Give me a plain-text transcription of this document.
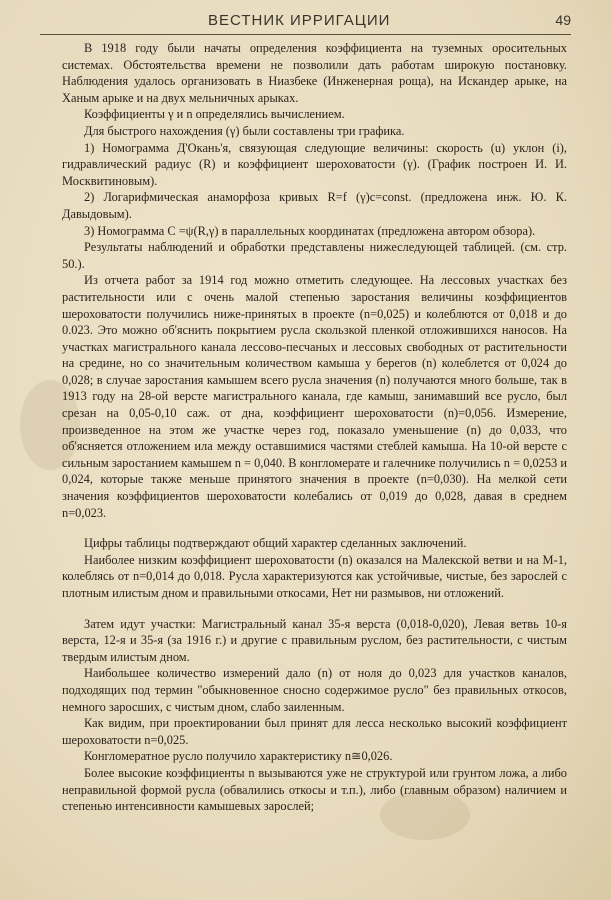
ВЕСТНИК ИРРИГАЦИИ	49

В 1918 году были начаты определения коэффициента на туземных оросительных системах. Обстоятельства времени не позволили дать работам широкую постановку. Наблюдения удалось организовать в Ниазбеке (Инженерная роща), на Искандер арыке, на Ханым арыке и на двух мельничных арыках.

Коэффициенты γ и n определялись вычислением.

Для быстрого нахождения (γ) были составлены три графика.

1) Номограмма Д'Окань'я, связующая следующие величины: скорость (u) уклон (i), гидравлический радиус (R) и коэффициент шероховатости (γ). (График построен И. И. Москвитиновым).

2) Логарифмическая анаморфоза кривых R=f (γ)c=const. (предложена инж. Ю. К. Давыдовым).

3) Номограмма C =ψ(R,γ) в параллельных координатах (предложена автором обзора).

Результаты наблюдений и обработки представлены нижеследующей таблицей. (см. стр. 50.).

Из отчета работ за 1914 год можно отметить следующее. На лессовых участках без растительности или с очень малой степенью заростания величины коэффициентов шероховатости получились ниже-принятых в проекте (n=0,025) и колеблются от 0,018 и до 0.023. Это можно об'яснить покрытием русла скользкой пленкой отложившихся наносов. На участках магистрального канала лессово-песчаных и лессовых свободных от растительности на средине, но со значительным количеством камыша у берегов (n) колеблется от 0,024 до 0,028; в случае заростания камышем всего русла значения (n) получаются много больше, так в 1913 году на 28-ой версте магистрального канала, где камыш, занимавший все русло, был срезан на 0,05-0,10 саж. от дна, коэффициент шероховатости (n)=0,056. Измерение, произведенное на этом же участке через год, показало уменьшение (n) до 0,033, что об'ясняется отложением ила между оставшимися частями стеблей камыша. На 10-ой версте с сильным заростанием камышем n = 0,040. В конгломерате и галечнике получились n = 0,0253 и 0,024, которые также меньше принятого значения в проекте (n=0,030). На мелкой сети значения коэффициентов шероховатости колебались от 0,019 до 0,028, давая в среднем n=0,023.

Цифры таблицы подтверждают общий характер сделанных заключений.

Наиболее низким коэффициент шероховатости (n) оказался на Малекской ветви и на М-1, колеблясь от n=0,014 до 0,018. Русла характеризуются как устойчивые, чистые, без зарослей с плотным илистым дном и правильными откосами, Нет ни размывов, ни отложений.

Затем идут участки: Магистральный канал 35-я верста (0,018-0,020), Левая ветвь 10-я верста, 12-я и 35-я (за 1916 г.) и другие с правильным руслом, без растительности, с чистым твердым илистым дном.

Наибольшее количество измерений дало (n) от ноля до 0,023 для участков каналов, подходящих под термин "обыкновенное сносно содержимое русло" без правильных откосов, немного заросших, с чистым дном, слабо заиленным.

Как видим, при проектировании был принят для лесса несколько высокий коэффициент шероховатости n=0,025.

Конгломератное русло получило характеристику n≅0,026.

Более высокие коэффициенты n вызываются уже не структурой или грунтом ложа, а либо неправильной формой русла (обвалились откосы и т.п.), либо (главным образом) наличием и степенью интенсивности камышевых зарослей;
